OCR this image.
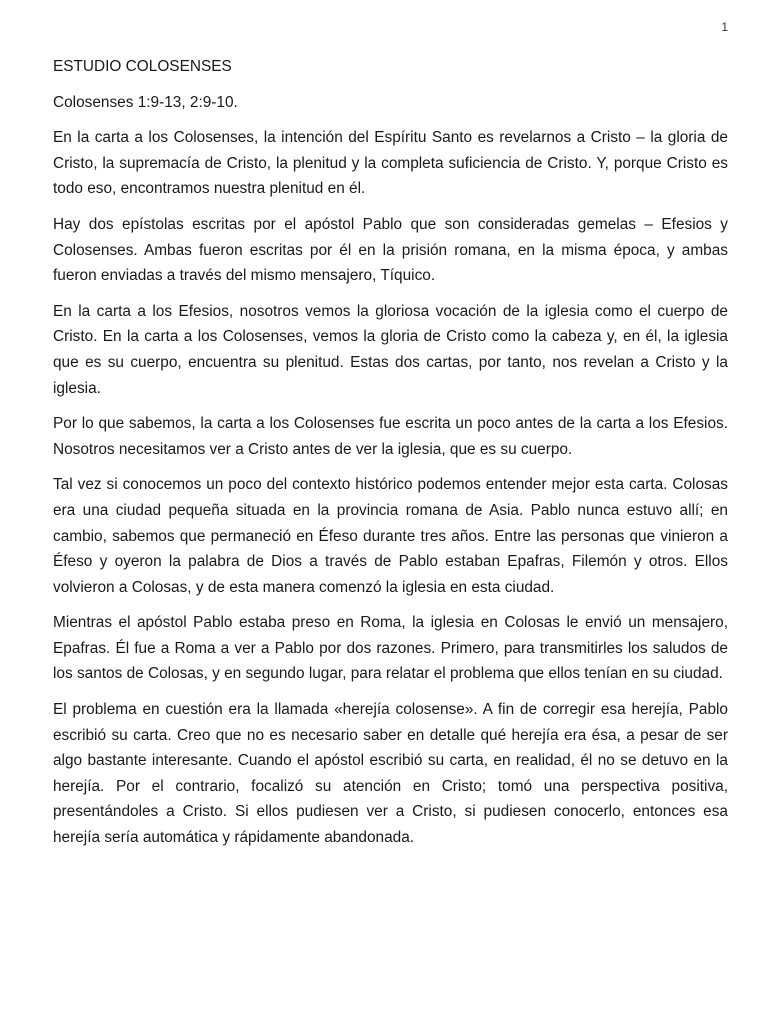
1

ESTUDIO COLOSENSES

Colosenses 1:9-13, 2:9-10.

En la carta a los Colosenses, la intención del Espíritu Santo es revelarnos a Cristo – la gloria de Cristo, la supremacía de Cristo, la plenitud y la completa suficiencia de Cristo. Y, porque Cristo es todo eso, encontramos nuestra plenitud en él.

Hay dos epístolas escritas por el apóstol Pablo que son consideradas gemelas – Efesios y Colosenses. Ambas fueron escritas por él en la prisión romana, en la misma época, y ambas fueron enviadas a través del mismo mensajero, Tíquico.

En la carta a los Efesios, nosotros vemos la gloriosa vocación de la iglesia como el cuerpo de Cristo. En la carta a los Colosenses, vemos la gloria de Cristo como la cabeza y, en él, la iglesia que es su cuerpo, encuentra su plenitud. Estas dos cartas, por tanto, nos revelan a Cristo y la iglesia.

Por lo que sabemos, la carta a los Colosenses fue escrita un poco antes de la carta a los Efesios. Nosotros necesitamos ver a Cristo antes de ver la iglesia, que es su cuerpo.

Tal vez si conocemos un poco del contexto histórico podemos entender mejor esta carta. Colosas era una ciudad pequeña situada en la provincia romana de Asia. Pablo nunca estuvo allí; en cambio, sabemos que permaneció en Éfeso durante tres años. Entre las personas que vinieron a Éfeso y oyeron la palabra de Dios a través de Pablo estaban Epafras, Filemón y otros. Ellos volvieron a Colosas, y de esta manera comenzó la iglesia en esta ciudad.

Mientras el apóstol Pablo estaba preso en Roma, la iglesia en Colosas le envió un mensajero, Epafras. Él fue a Roma a ver a Pablo por dos razones. Primero, para transmitirles los saludos de los santos de Colosas, y en segundo lugar, para relatar el problema que ellos tenían en su ciudad.

El problema en cuestión era la llamada «herejía colosense». A fin de corregir esa herejía, Pablo escribió su carta. Creo que no es necesario saber en detalle qué herejía era ésa, a pesar de ser algo bastante interesante. Cuando el apóstol escribió su carta, en realidad, él no se detuvo en la herejía. Por el contrario, focalizó su atención en Cristo; tomó una perspectiva positiva, presentándoles a Cristo. Si ellos pudiesen ver a Cristo, si pudiesen conocerlo, entonces esa herejía sería automática y rápidamente abandonada.
